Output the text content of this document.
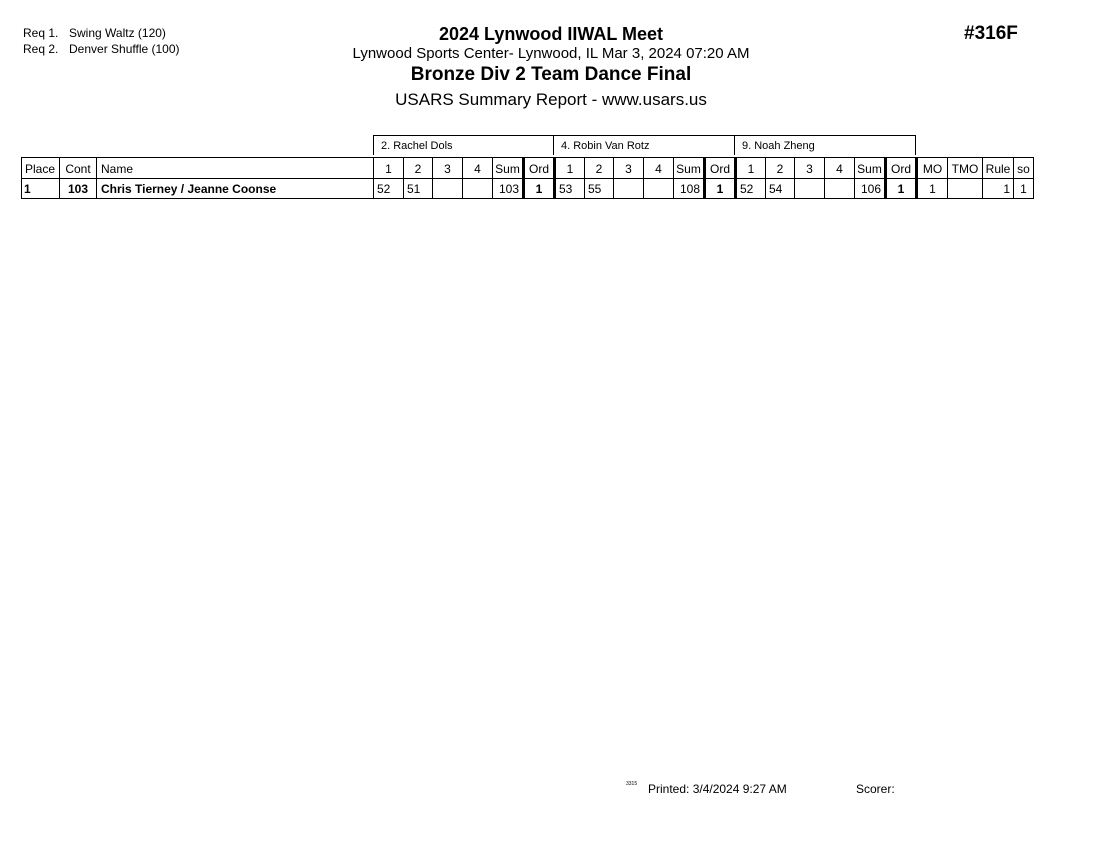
Req 1. Swing Waltz (120)
Req 2. Denver Shuffle (100)
#316F
2024 Lynwood IIWAL Meet
Lynwood Sports Center- Lynwood, IL Mar 3, 2024 07:20 AM
Bronze Div 2 Team Dance Final
USARS Summary Report - www.usars.us
2. Rachel Dols	4. Robin Van Rotz	9. Noah Zheng
Place	Cont	Name	1	2	3	4	Sum	Ord	1	2	3	4	Sum	Ord	1	2	3	4	Sum	Ord	MO	TMO	Rule	so
1	103	Chris Tierney / Jeanne Coonse	52	51			103	1	53	55			108	1	52	54			106	1	1		1	1
3315 Printed: 3/4/2024 9:27 AM	Scorer:
